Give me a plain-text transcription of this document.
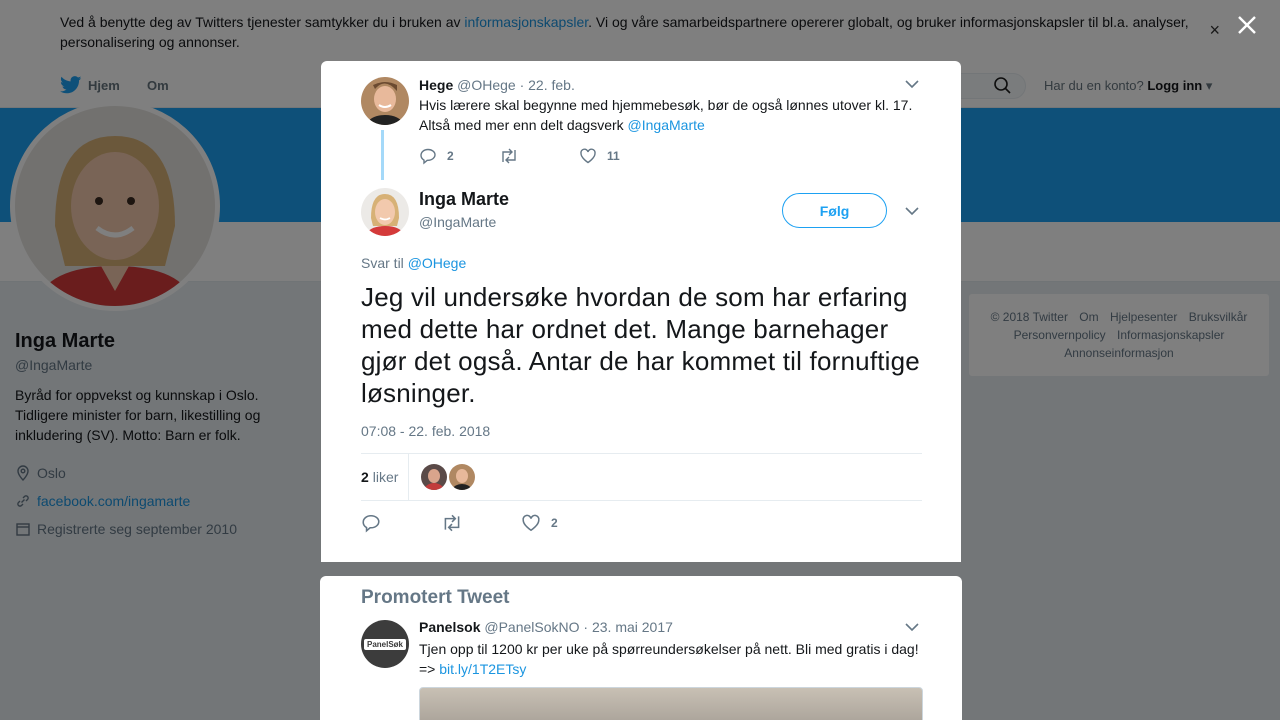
Hege @OHege · 22. feb.
Hvis lærere skal begynne med hjemmebesøk, bør de også lønnes utover kl. 17. Altså med mer enn delt dagsverk @IngaMarte
2	11
Inga Marte
@IngaMarte
Følg
Svar til @OHege
Jeg vil undersøke hvordan de som har erfaring med dette har ordnet det. Mange barnehager gjør det også. Antar de har kommet til fornuftige løsninger.
07:08 - 22. feb. 2018
2 liker
2
Promotert Tweet
PanelSøk
Panelsok @PanelSokNO · 23. mai 2017
Tjen opp til 1200 kr per uke på spørreundersøkelser på nett. Bli med gratis i dag! => bit.ly/1T2ETsy
